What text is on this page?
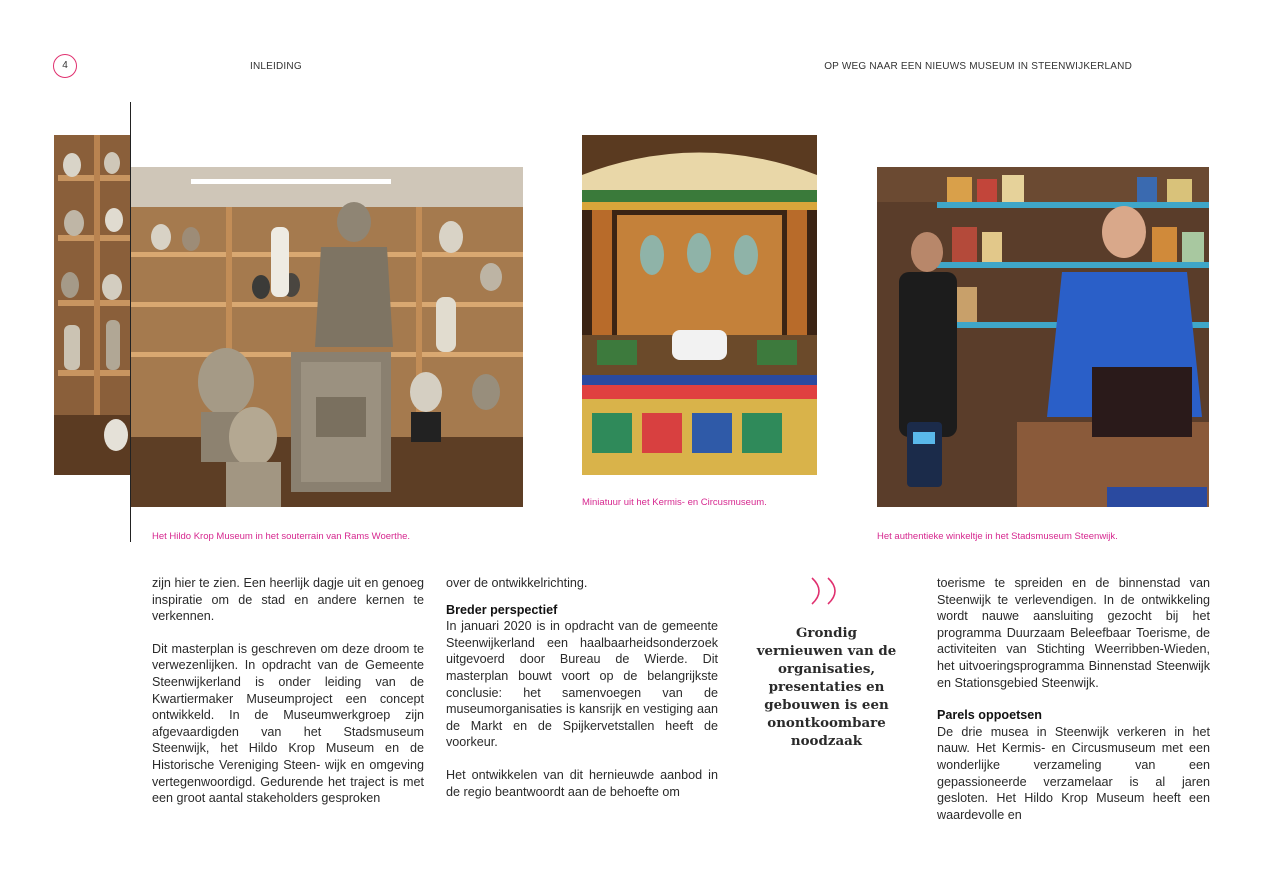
4	INLEIDING	OP WEG NAAR EEN NIEUWS MUSEUM IN STEENWIJKERLAND
Het Hildo Krop Museum in het souterrain van Rams Woerthe.
Miniatuur uit het Kermis- en Circusmuseum.
Het authentieke winkeltje in het Stadsmuseum Steenwijk.

zijn hier te zien. Een heerlijk dagje uit en genoeg inspiratie om de stad en andere kernen te verkennen.

Dit masterplan is geschreven om deze droom te verwezenlijken. In opdracht van de Gemeente Steenwijkerland is onder leiding van de Kwartiermaker Museumproject een concept ontwikkeld. In de Museumwerkgroep zijn afgevaardigden van het Stadsmuseum Steenwijk, het Hildo Krop Museum en de Historische Vereniging Steen- wijk en omgeving vertegenwoordigd. Gedurende het traject is met een groot aantal stakeholders gesproken

over de ontwikkelrichting.

Breder perspectief

In januari 2020 is in opdracht van de gemeente Steenwijkerland een haalbaarheidsonderzoek uitgevoerd door Bureau de Wierde. Dit masterplan bouwt voort op de belangrijkste conclusie: het samenvoegen van de museumorganisaties is kansrijk en vestiging aan de Markt en de Spijkervetstallen heeft de voorkeur.

Het ontwikkelen van dit hernieuwde aanbod in de regio beantwoordt aan de behoefte om

Grondig vernieuwen van de organisaties, presentaties en gebouwen is een onontkoombare noodzaak

toerisme te spreiden en de binnenstad van Steenwijk te verlevendigen. In de ontwikkeling wordt nauwe aansluiting gezocht bij het programma Duurzaam Beleefbaar Toerisme, de activiteiten van Stichting Weerribben-Wieden, het uitvoeringsprogramma Binnenstad Steenwijk en Stationsgebied Steenwijk.

Parels oppoetsen

De drie musea in Steenwijk verkeren in het nauw. Het Kermis- en Circusmuseum met een wonderlijke verzameling van een gepassioneerde verzamelaar is al jaren gesloten. Het Hildo Krop Museum heeft een waardevolle en
